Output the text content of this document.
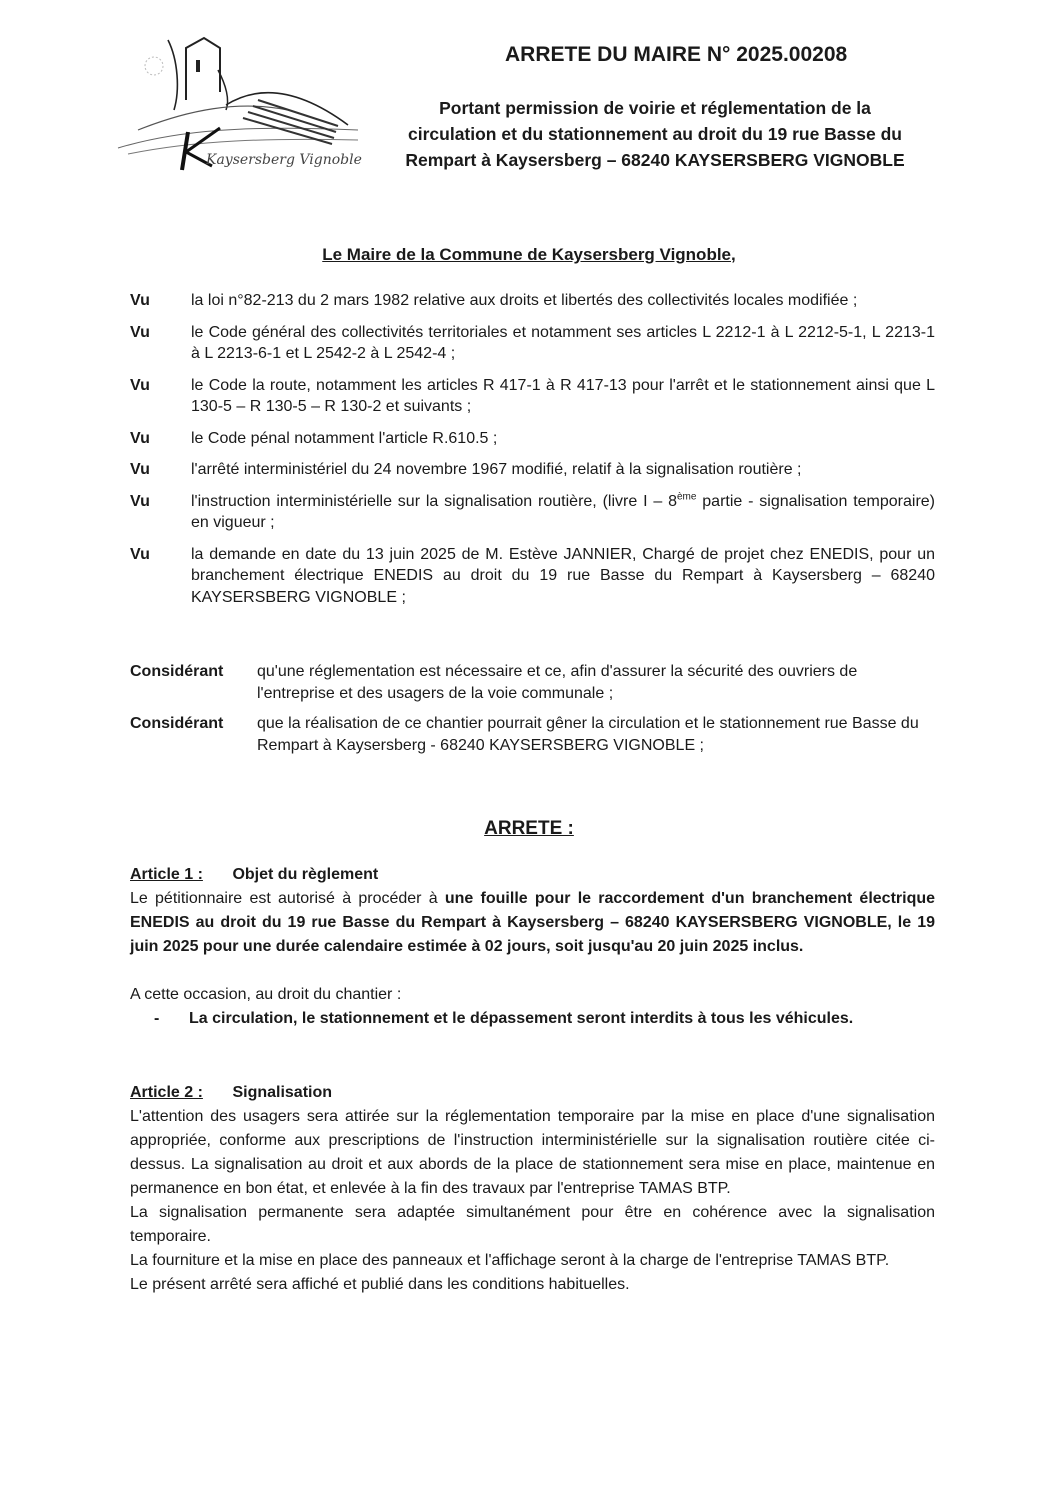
Kaysersberg Vignoble
ARRETE DU MAIRE N° 2025.00208
Portant permission de voirie et réglementation de la
circulation et du stationnement au droit du 19 rue Basse du
Rempart à Kaysersberg – 68240 KAYSERSBERG VIGNOBLE
Le Maire de la Commune de Kaysersberg Vignoble,
Vu	la loi n°82-213 du 2 mars 1982 relative aux droits et libertés des collectivités locales modifiée ;
Vu	le Code général des collectivités territoriales et notamment ses articles L 2212-1 à L 2212-5-1, L 2213-1 à L 2213-6-1 et L 2542-2 à L 2542-4 ;
Vu	le Code la route, notamment les articles R 417-1 à R 417-13 pour l'arrêt et le stationnement ainsi que L 130-5 – R 130-5 – R 130-2 et suivants ;
Vu	le Code pénal notamment l'article R.610.5 ;
Vu	l'arrêté interministériel du 24 novembre 1967 modifié, relatif à la signalisation routière ;
Vu	l'instruction interministérielle sur la signalisation routière, (livre I – 8ème partie - signalisation temporaire) en vigueur ;
Vu	la demande en date du 13 juin 2025 de M. Estève JANNIER, Chargé de projet chez ENEDIS, pour un branchement électrique ENEDIS au droit du 19 rue Basse du Rempart à Kaysersberg – 68240 KAYSERSBERG VIGNOBLE ;
Considérant	qu'une réglementation est nécessaire et ce, afin d'assurer la sécurité des ouvriers de l'entreprise et des usagers de la voie communale ;
Considérant	que la réalisation de ce chantier pourrait gêner la circulation et le stationnement rue Basse du Rempart à Kaysersberg - 68240 KAYSERSBERG VIGNOBLE ;
ARRETE :
Article 1 : Objet du règlement
Le pétitionnaire est autorisé à procéder à une fouille pour le raccordement d'un branchement électrique ENEDIS au droit du 19 rue Basse du Rempart à Kaysersberg – 68240 KAYSERSBERG VIGNOBLE, le 19 juin 2025 pour une durée calendaire estimée à 02 jours, soit jusqu'au 20 juin 2025 inclus.
A cette occasion, au droit du chantier :
-	La circulation, le stationnement et le dépassement seront interdits à tous les véhicules.
Article 2 : Signalisation
L'attention des usagers sera attirée sur la réglementation temporaire par la mise en place d'une signalisation appropriée, conforme aux prescriptions de l'instruction interministérielle sur la signalisation routière citée ci-dessus. La signalisation au droit et aux abords de la place de stationnement sera mise en place, maintenue en permanence en bon état, et enlevée à la fin des travaux par l'entreprise TAMAS BTP.
La signalisation permanente sera adaptée simultanément pour être en cohérence avec la signalisation temporaire.
La fourniture et la mise en place des panneaux et l'affichage seront à la charge de l'entreprise TAMAS BTP.
Le présent arrêté sera affiché et publié dans les conditions habituelles.
